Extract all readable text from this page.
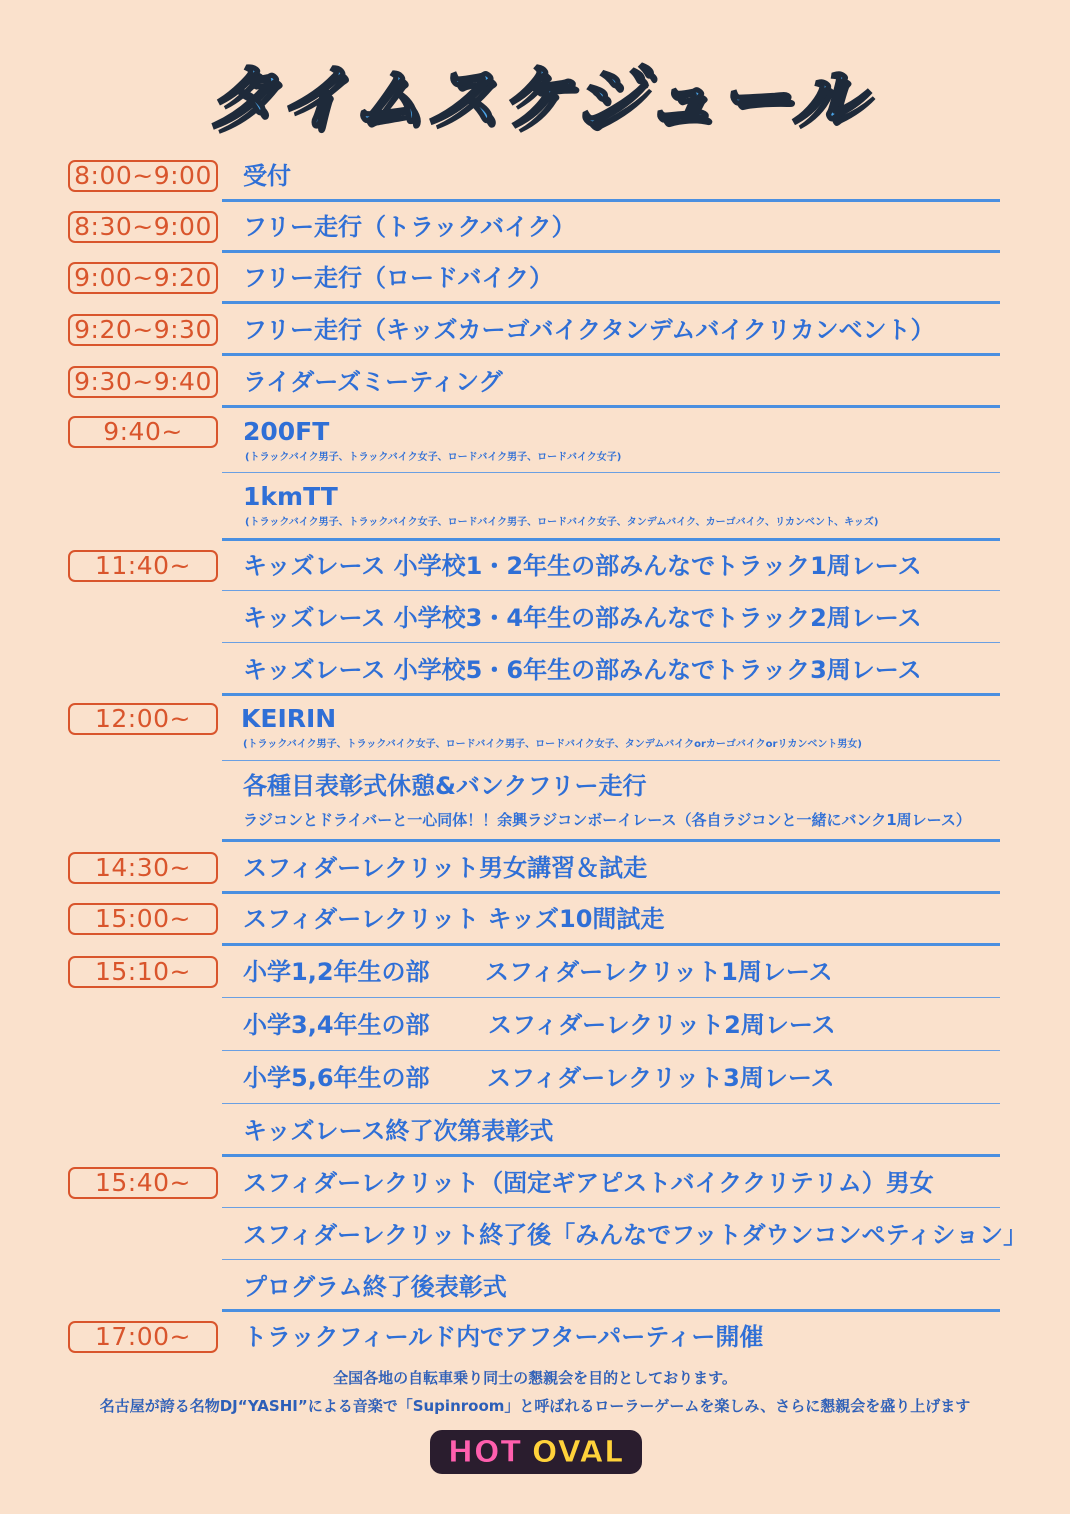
タイムスケジュール
8:00~9:00 受付
8:30~9:00 フリー走行（トラックバイク）
9:00~9:20 フリー走行（ロードバイク）
9:20~9:30 フリー走行（キッズカーゴバイクタンデムバイクリカンベント）
9:30~9:40 ライダーズミーティング
9:40~	200FT
(トラックバイク男子、トラックバイク女子、ロードバイク男子、ロードバイク女子)
1kmTT
(トラックバイク男子、トラックバイク女子、ロードバイク男子、ロードバイク女子、タンデムバイク、カーゴバイク、リカンベント、キッズ)
11:40~	キッズレース 小学校1・2年生の部みんなでトラック1周レース
キッズレース 小学校3・4年生の部みんなでトラック2周レース
キッズレース 小学校5・6年生の部みんなでトラック3周レース
12:00~	KEIRIN
(トラックバイク男子、トラックバイク女子、ロードバイク男子、ロードバイク女子、タンデムバイクorカーゴバイクorリカンベント男女)
各種目表彰式休憩&バンクフリー走行
ラジコンとドライバーと一心同体！！余興ラジコンボーイレース（各自ラジコンと一緒にバンク1周レース）
14:30~	スフィダーレクリット男女講習＆試走
15:00~	スフィダーレクリット キッズ10間試走
15:10~	小学1,2年生の部 スフィダーレクリット1周レース
小学3,4年生の部 スフィダーレクリット2周レース
小学5,6年生の部 スフィダーレクリット3周レース
キッズレース終了次第表彰式
15:40~	スフィダーレクリット（固定ギアピストバイククリテリム）男女
スフィダーレクリット終了後「みんなでフットダウンコンペティション」
プログラム終了後表彰式
17:00~	トラックフィールド内でアフターパーティー開催
全国各地の自転車乗り同士の懇親会を目的としております。
名古屋が誇る名物DJ“YASHI”による音楽で「Supinroom」と呼ばれるローラーゲームを楽しみ、さらに懇親会を盛り上げます
HOT OVAL
